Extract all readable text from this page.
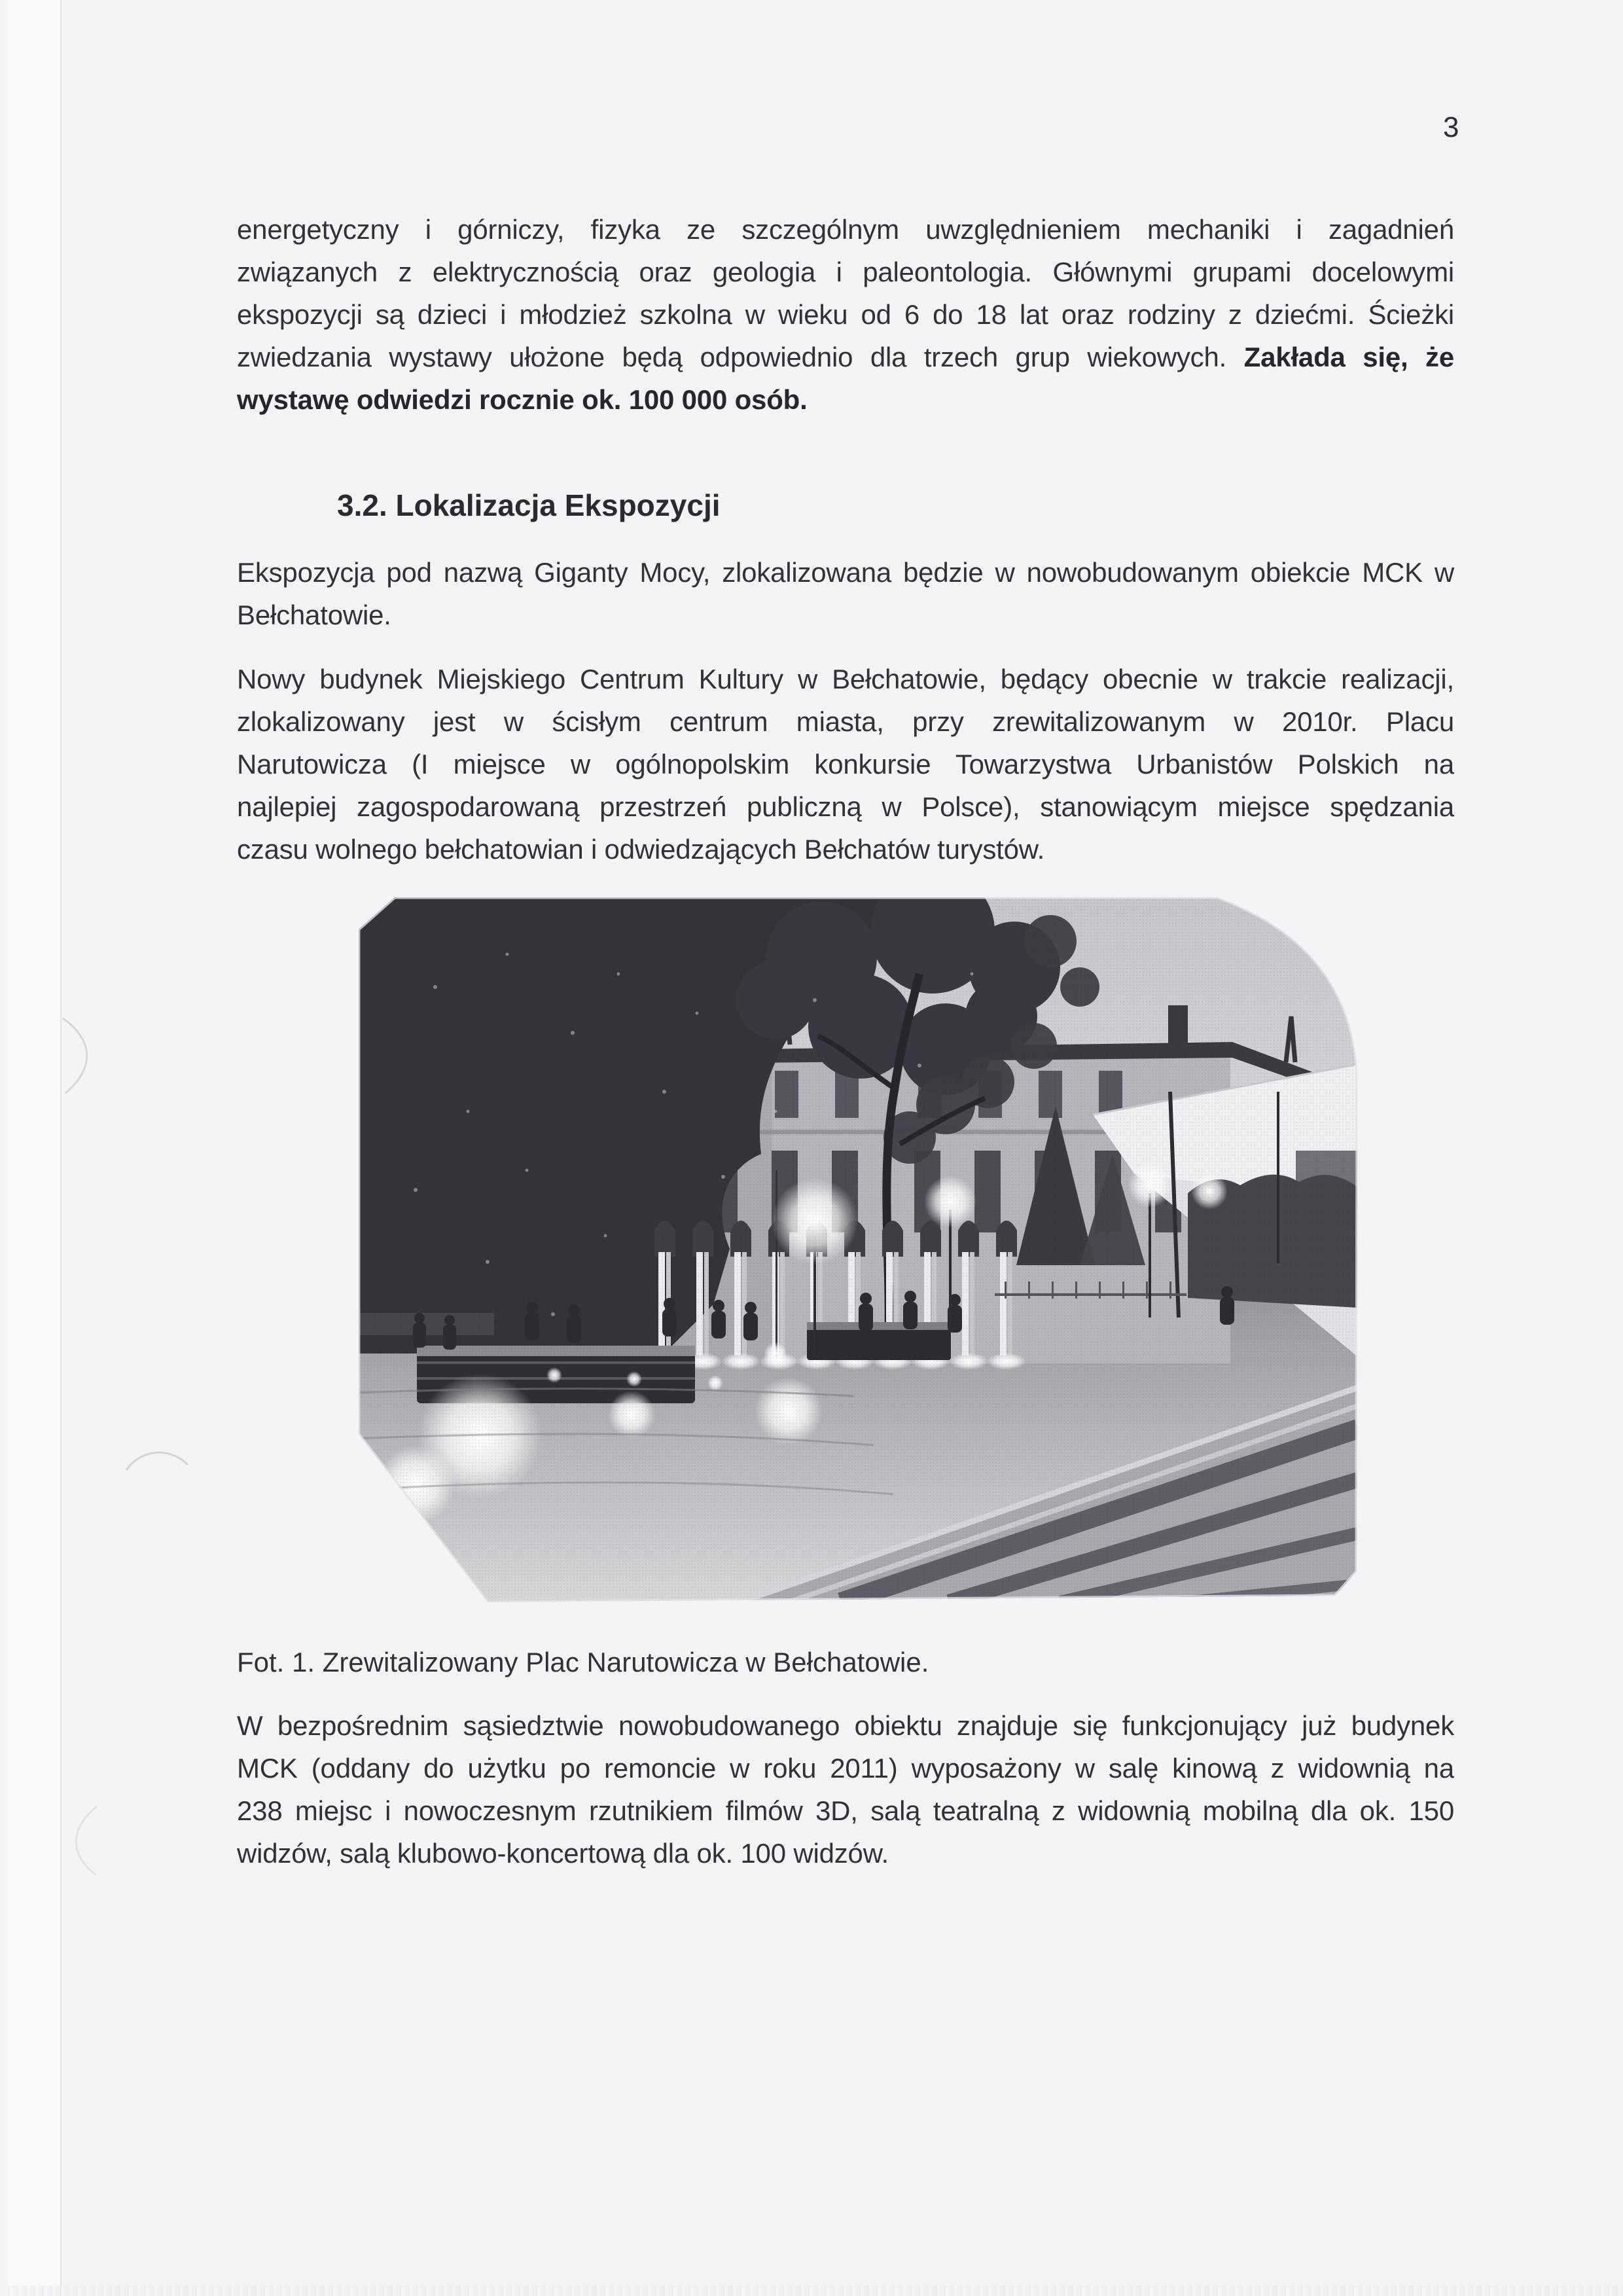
3
energetyczny i górniczy, fizyka ze szczególnym uwzględnieniem mechaniki i zagadnień
związanych z elektrycznością oraz geologia i paleontologia. Głównymi grupami docelowymi
ekspozycji są dzieci i młodzież szkolna w wieku od 6 do 18 lat oraz rodziny z dziećmi. Ścieżki
zwiedzania wystawy ułożone będą odpowiednio dla trzech grup wiekowych. Zakłada się, że
wystawę odwiedzi rocznie ok. 100 000 osób.
3.2. Lokalizacja Ekspozycji
Ekspozycja pod nazwą Giganty Mocy, zlokalizowana będzie w nowobudowanym obiekcie MCK w
Bełchatowie.
Nowy budynek Miejskiego Centrum Kultury w Bełchatowie, będący obecnie w trakcie realizacji,
zlokalizowany jest w ścisłym centrum miasta, przy zrewitalizowanym w 2010r. Placu
Narutowicza (I miejsce w ogólnopolskim konkursie Towarzystwa Urbanistów Polskich na
najlepiej zagospodarowaną przestrzeń publiczną w Polsce), stanowiącym miejsce spędzania
czasu wolnego bełchatowian i odwiedzających Bełchatów turystów.
Fot. 1. Zrewitalizowany Plac Narutowicza w Bełchatowie.
W bezpośrednim sąsiedztwie nowobudowanego obiektu znajduje się funkcjonujący już budynek
MCK (oddany do użytku po remoncie w roku 2011) wyposażony w salę kinową z widownią na
238 miejsc i nowoczesnym rzutnikiem filmów 3D, salą teatralną z widownią mobilną dla ok. 150
widzów, salą klubowo-koncertową dla ok. 100 widzów.
